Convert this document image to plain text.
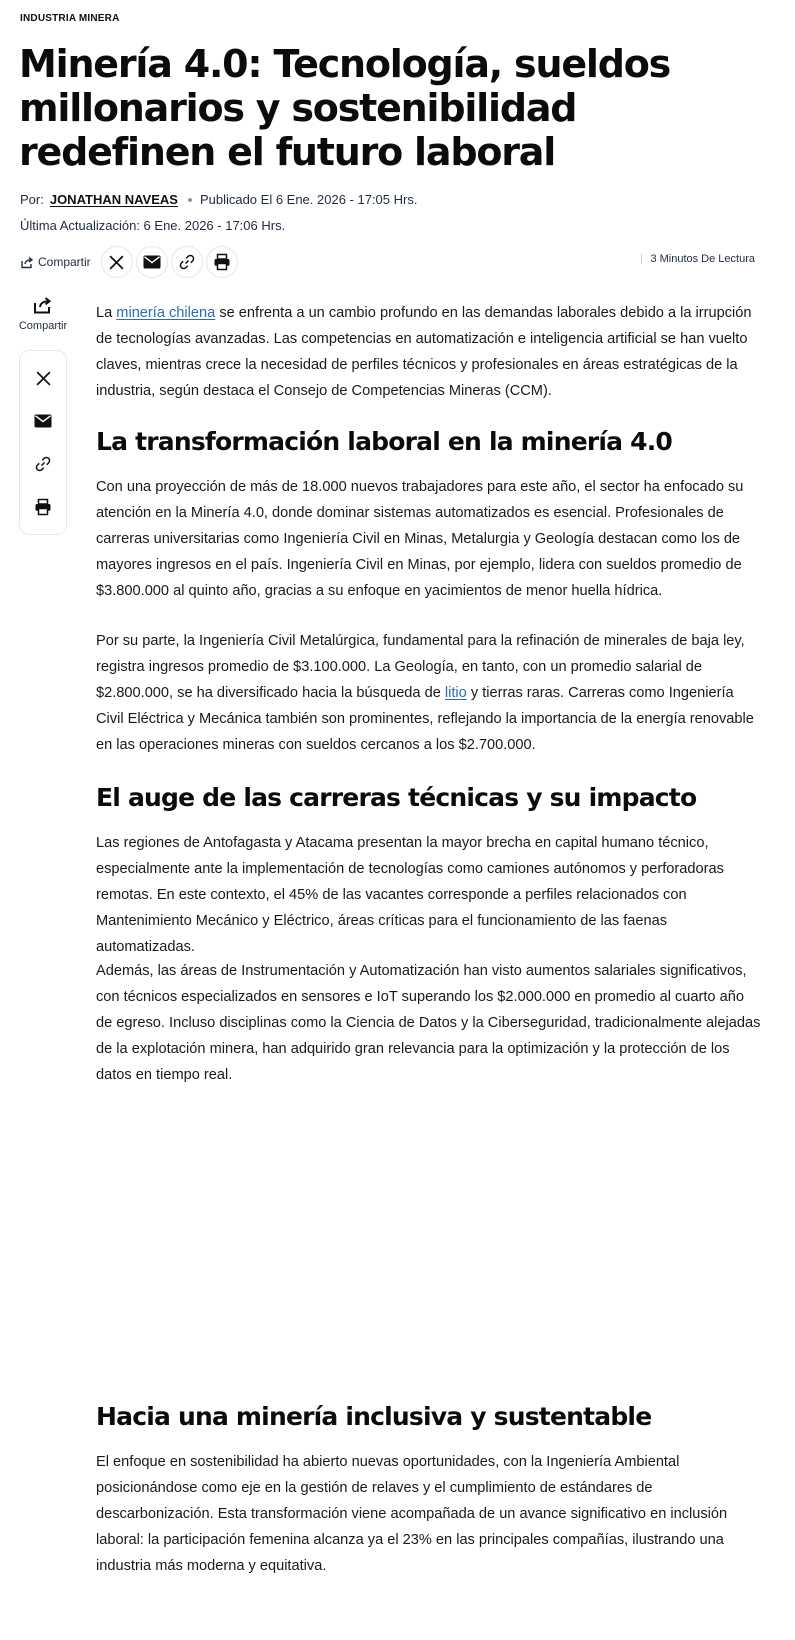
INDUSTRIA MINERA
Minería 4.0: Tecnología, sueldos millonarios y sostenibilidad redefinen el futuro laboral
Por: JONATHAN NAVEAS Publicado El 6 Ene. 2026 - 17:05 Hrs.
Última Actualización: 6 Ene. 2026 - 17:06 Hrs.
Compartir	3 Minutos De Lectura
Compartir

La minería chilena se enfrenta a un cambio profundo en las demandas laborales debido a la irrupción de tecnologías avanzadas. Las competencias en automatización e inteligencia artificial se han vuelto claves, mientras crece la necesidad de perfiles técnicos y profesionales en áreas estratégicas de la industria, según destaca el Consejo de Competencias Mineras (CCM).

La transformación laboral en la minería 4.0

Con una proyección de más de 18.000 nuevos trabajadores para este año, el sector ha enfocado su atención en la Minería 4.0, donde dominar sistemas automatizados es esencial. Profesionales de carreras universitarias como Ingeniería Civil en Minas, Metalurgia y Geología destacan como los de mayores ingresos en el país. Ingeniería Civil en Minas, por ejemplo, lidera con sueldos promedio de $3.800.000 al quinto año, gracias a su enfoque en yacimientos de menor huella hídrica.

Por su parte, la Ingeniería Civil Metalúrgica, fundamental para la refinación de minerales de baja ley, registra ingresos promedio de $3.100.000. La Geología, en tanto, con un promedio salarial de $2.800.000, se ha diversificado hacia la búsqueda de litio y tierras raras. Carreras como Ingeniería Civil Eléctrica y Mecánica también son prominentes, reflejando la importancia de la energía renovable en las operaciones mineras con sueldos cercanos a los $2.700.000.

El auge de las carreras técnicas y su impacto

Las regiones de Antofagasta y Atacama presentan la mayor brecha en capital humano técnico, especialmente ante la implementación de tecnologías como camiones autónomos y perforadoras remotas. En este contexto, el 45% de las vacantes corresponde a perfiles relacionados con Mantenimiento Mecánico y Eléctrico, áreas críticas para el funcionamiento de las faenas automatizadas.

Además, las áreas de Instrumentación y Automatización han visto aumentos salariales significativos, con técnicos especializados en sensores e IoT superando los $2.000.000 en promedio al cuarto año de egreso. Incluso disciplinas como la Ciencia de Datos y la Ciberseguridad, tradicionalmente alejadas de la explotación minera, han adquirido gran relevancia para la optimización y la protección de los datos en tiempo real.

Hacia una minería inclusiva y sustentable

El enfoque en sostenibilidad ha abierto nuevas oportunidades, con la Ingeniería Ambiental posicionándose como eje en la gestión de relaves y el cumplimiento de estándares de descarbonización. Esta transformación viene acompañada de un avance significativo en inclusión laboral: la participación femenina alcanza ya el 23% en las principales compañías, ilustrando una industria más moderna y equitativa.
